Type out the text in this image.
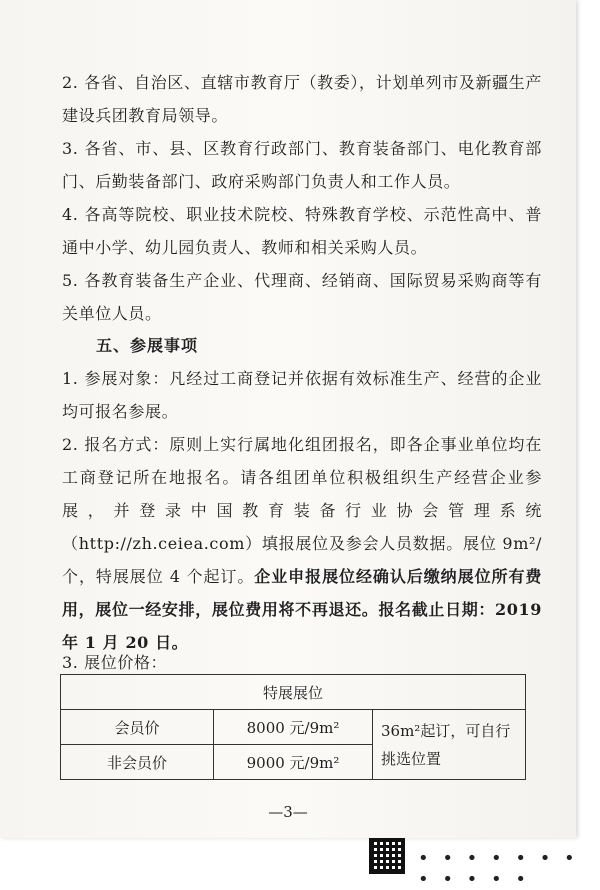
2. 各省、自治区、直辖市教育厅（教委），计划单列市及新疆生产建设兵团教育局领导。
3. 各省、市、县、区教育行政部门、教育装备部门、电化教育部门、后勤装备部门、政府采购部门负责人和工作人员。
4. 各高等院校、职业技术院校、特殊教育学校、示范性高中、普通中小学、幼儿园负责人、教师和相关采购人员。
5. 各教育装备生产企业、代理商、经销商、国际贸易采购商等有关单位人员。
五、参展事项
1. 参展对象：凡经过工商登记并依据有效标准生产、经营的企业均可报名参展。
2. 报名方式：原则上实行属地化组团报名，即各企事业单位均在工商登记所在地报名。请各组团单位积极组织生产经营企业参展，并登录中国教育装备行业协会管理系统（http://zh.ceiea.com）填报展位及参会人员数据。展位 9m²/个，特展展位 4 个起订。企业申报展位经确认后缴纳展位所有费用，展位一经安排，展位费用将不再退还。报名截止日期：2019 年 1 月 20 日。
3. 展位价格：
特展展位		
会员价	8000 元/9m²	36m²起订，可自行挑选位置
非会员价	9000 元/9m²	
—3—
• • • • • • • • • • • •
